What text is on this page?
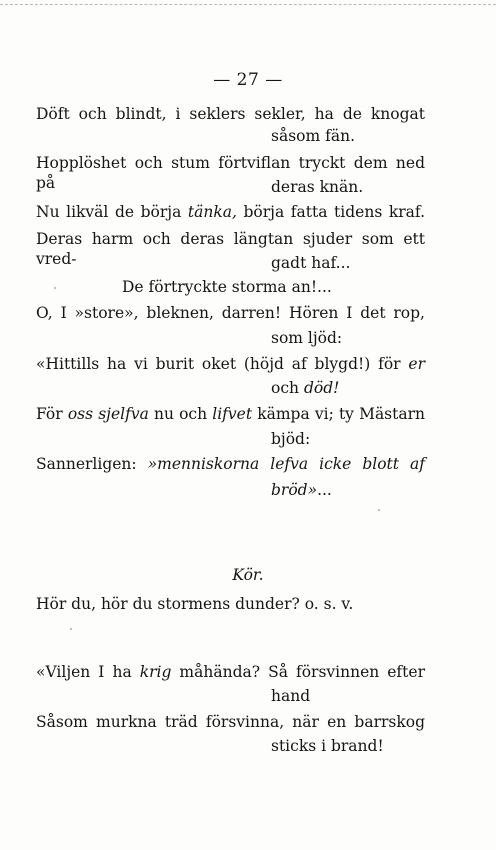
— 27 —
Döft och blindt, i seklers sekler, ha de knogat
såsom fän.
Hopplöshet och stum förtviflan tryckt dem ned på	deras knän.
Nu likväl de börja tänka, börja fatta tidens kraf.
Deras harm och deras längtan sjuder som ett vred-	gadt haf...
De förtryckte storma an!...
O, I »store», bleknen, darren! Hören I det rop,
som ljöd:
«Hittills ha vi burit oket (höjd af blygd!) för er
och död!
För oss sjelfva nu och lifvet kämpa vi; ty Mästarn
bjöd:
Sannerligen: »menniskorna lefva icke blott af
bröd»...
Kör.
Hör du, hör du stormens dunder? o. s. v.
«Viljen I ha krig måhända? Så försvinnen efter
hand
Såsom murkna träd försvinna, när en barrskog
sticks i brand!
